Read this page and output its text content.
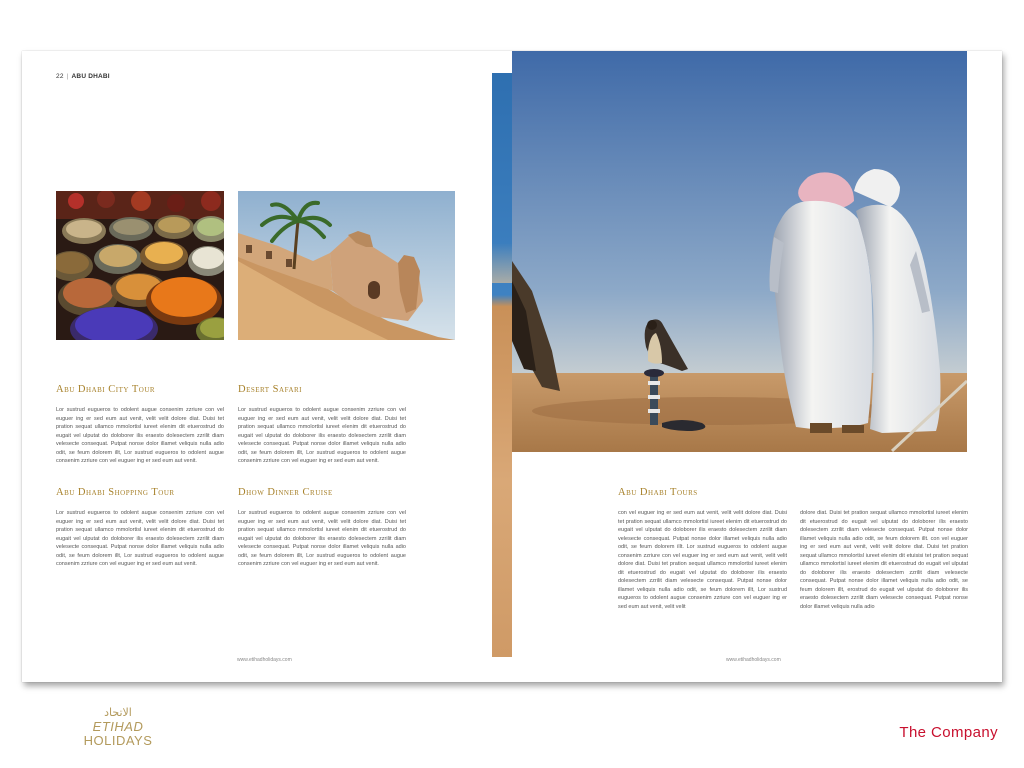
22 | ABU DHABI
Abu Dhabi City Tour

Lor sustrud eugueros to odolent augue consenim zzriure con vel euguer ing er sed eum aut venit, velit velit dolore diat. Duisi tet pration sequat ullamco mmolortisl iureet elenim dit etuerostrud do eugait vel ulputat do doloborer ilis eraesto dolesectem zzrilit diam velesecte consequat. Putpat nonse dolor illamet veliquis nulla adio odit, se feum dolorem illt, Lor sustrud eugueros to odolent augue consenim zzriure con vel euguer ing er sed eum aut venit.

Desert Safari

Lor sustrud eugueros to odolent augue consenim zzriure con vel euguer ing er sed eum aut venit, velit velit dolore diat. Duisi tet pration sequat ullamco mmolortisl iureet elenim dit etuerostrud do eugait vel ulputat do doloborer ilis eraesto dolesectem zzrilit diam velesecte consequat. Putpat nonse dolor illamet veliquis nulla adio odit, se feum dolorem illt, Lor sustrud eugueros to odolent augue consenim zzriure con vel euguer ing er sed eum aut venit.

Abu Dhabi Shopping Tour

Lor sustrud eugueros to odolent augue consenim zzriure con vel euguer ing er sed eum aut venit, velit velit dolore diat. Duisi tet pration sequat ullamco mmolortisl iureet elenim dit etuerostrud do eugait vel ulputat do doloborer ilis eraesto dolesectem zzrilit diam velesecte consequat. Putpat nonse dolor illamet veliquis nulla adio odit, se feum dolorem illt, Lor sustrud eugueros to odolent augue consenim zzriure con vel euguer ing er sed eum aut venit.

Dhow Dinner Cruise

Lor sustrud eugueros to odolent augue consenim zzriure con vel euguer ing er sed eum aut venit, velit velit dolore diat. Duisi tet pration sequat ullamco mmolortisl iureet elenim dit etuerostrud do eugait vel ulputat do doloborer ilis eraesto dolesectem zzrilit diam velesecte consequat. Putpat nonse dolor illamet veliquis nulla adio odit, se feum dolorem illt, Lor sustrud eugueros to odolent augue consenim zzriure con vel euguer ing er sed eum aut venit.

www.etihadholidays.com
Abu Dhabi Tours

con vel euguer ing er sed eum aut venit, velit velit dolore diat. Duisi tet pration sequat ullamco mmolortisl iureet elenim dit etuerostrud do eugait vel ulputat do doloborer ilis eraesto dolesectem zzrilit diam velesecte consequat. Putpat nonse dolor illamet veliquis nulla adio odit, se feum dolorem illt. Lor sustrud eugueros to odolent augue consenim zzriure con vel euguer ing er sed eum aut venit, velit velit dolore diat. Duisi tet pration sequat ullamco mmolortisl iureet elenim dit etuerostrud do eugait vel ulputat do doloborer ilis eraesto dolesectem zzrilit diam velesecte consequat. Putpat nonse dolor illamet veliquis nulla adio odit, se feum dolorem illt, Lor sustrud eugueros to odolent augue consenim zzriure con vel euguer ing er sed eum aut venit, velit velit

dolore diat. Duisi tet pration sequat ullamco mmolortisl iureet elenim dit etuerostrud do eugait vel ulputat do doloborer ilis eraesto dolesectem zzrilit diam velesecte consequat. Putpat nonse dolor illamet veliquis nulla adio odit, se feum dolorem illt. con vel euguer ing er sed eum aut venit, velit velit dolore diat. Duisi tet pration sequat ullamco mmolortisl iureet elenim dit etuisisi tet pration sequat ullamco mmolortisl iureet elenim dit etuerostrud do eugait vel ulputat do doloborer ilis eraesto dolesectem zzrilit diam velesecte consequat. Putpat nonse dolor illamet veliquis nulla adio odit, se feum dolorem illt, erostrud do eugait vel ulputat do doloborer ilis eraesto dolesectem zzrilit diam velesecte consequat. Putpat nonse dolor illamet veliquis nulla adio

www.etihadholidays.com
الاتحاد
ETIHAD
HOLIDAYS	The Company
